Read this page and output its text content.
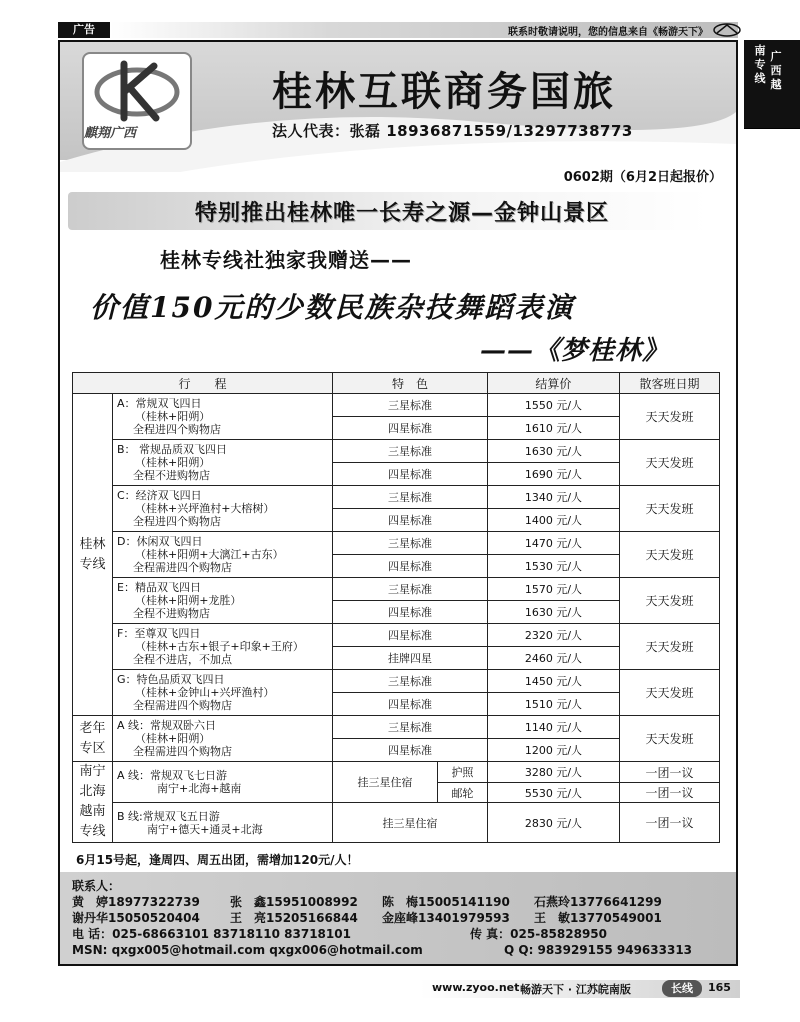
广告	联系时敬请说明，您的信息来自《畅游天下》
广西越
南专线
麒翔广西
桂林互联商务国旅
法人代表：张磊 18936871559/13297738773
0602期（6月2日起报价）
特别推出桂林唯一长寿之源—金钟山景区
桂林专线社独家我赠送——
价值150元的少数民族杂技舞蹈表演
——《梦桂林》
行　　程		特　色		结算价	散客班日期
桂林专线	A：常规双飞四日
（桂林+阳朔）
全程进四个购物店	三星标准		1550 元/人	天天发班
		四星标准		1610 元/人	
	B： 常规品质双飞四日
（桂林+阳朔）
全程不进购物店	三星标准		1630 元/人	天天发班
		四星标准		1690 元/人	
	C：经济双飞四日
（桂林+兴坪渔村+大榕树）
全程进四个购物店	三星标准		1340 元/人	天天发班
		四星标准		1400 元/人	
	D：休闲双飞四日
（桂林+阳朔+大漓江+古东）
全程需进四个购物店	三星标准		1470 元/人	天天发班
		四星标准		1530 元/人	
	E：精品双飞四日
（桂林+阳朔+龙胜）
全程不进购物店	三星标准		1570 元/人	天天发班
		四星标准		1630 元/人	
	F：至尊双飞四日
（桂林+古东+银子+印象+王府）
全程不进店，不加点	四星标准		2320 元/人	天天发班
		挂牌四星		2460 元/人	
	G：特色品质双飞四日
（桂林+金钟山+兴坪渔村）
全程需进四个购物店	三星标准		1450 元/人	天天发班
		四星标准		1510 元/人	
老年专区	A 线：常规双卧六日
（桂林+阳朔）
全程需进四个购物店	三星标准		1140 元/人	天天发班
		四星标准		1200 元/人	
南宁北海越南专线	A 线：常规双飞七日游
南宁+北海+越南	挂三星住宿	护照	3280 元/人	一团一议
			邮轮	5530 元/人	一团一议
	B 线:常规双飞五日游
南宁+德天+通灵+北海	挂三星住宿		2830 元/人	一团一议
6月15号起，逢周四、周五出团，需增加120元/人！
联系人：
黄　婷18977322739	张　鑫15951008992 陈　梅15005141190 石燕玲13776641299
谢丹华15050520404	王　亮15205166844 金座峰13401979593 王　敏13770549001
电 话：025-68663101 83718110 83718101	传 真：025-85828950
MSN: qxgx005@hotmail.com qxgx006@hotmail.com	Q Q: 983929155 949633313
www.zyoo.net 畅游天下 · 江苏皖南版	长线	165
